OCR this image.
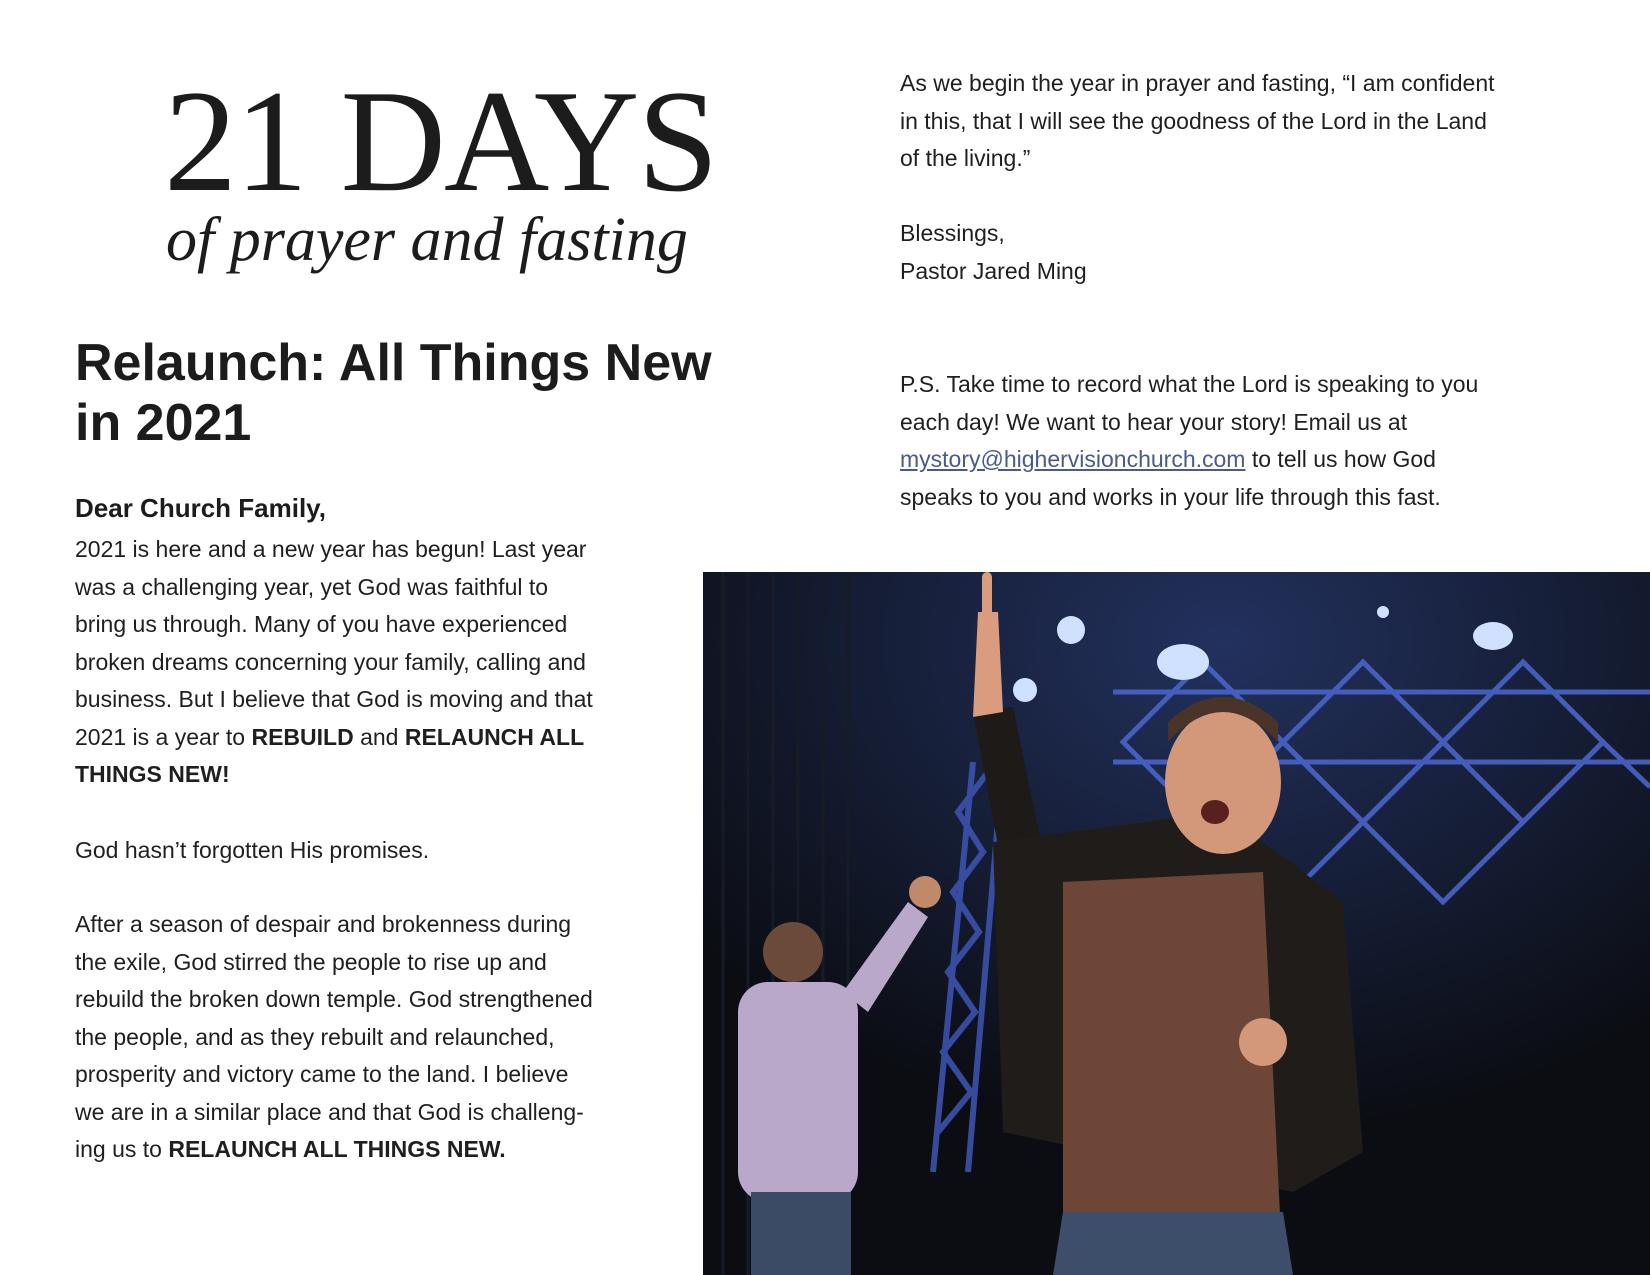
21 DAYS
of prayer and fasting
Relaunch: All Things New
in 2021
Dear Church Family,
2021 is here and a new year has begun! Last year
was a challenging year, yet God was faithful to
bring us through. Many of you have experienced
broken dreams concerning your family, calling and
business. But I believe that God is moving and that
2021 is a year to REBUILD and RELAUNCH ALL
THINGS NEW!
God hasn’t forgotten His promises.
After a season of despair and brokenness during
the exile, God stirred the people to rise up and
rebuild the broken down temple. God strengthened
the people, and as they rebuilt and relaunched,
prosperity and victory came to the land. I believe
we are in a similar place and that God is challeng-
ing us to RELAUNCH ALL THINGS NEW.
As we begin the year in prayer and fasting, “I am confident
in this, that I will see the goodness of the Lord in the Land
of the living.”
Blessings,
Pastor Jared Ming
P.S. Take time to record what the Lord is speaking to you
each day! We want to hear your story! Email us at
mystory@highervisionchurch.com to tell us how God
speaks to you and works in your life through this fast.
